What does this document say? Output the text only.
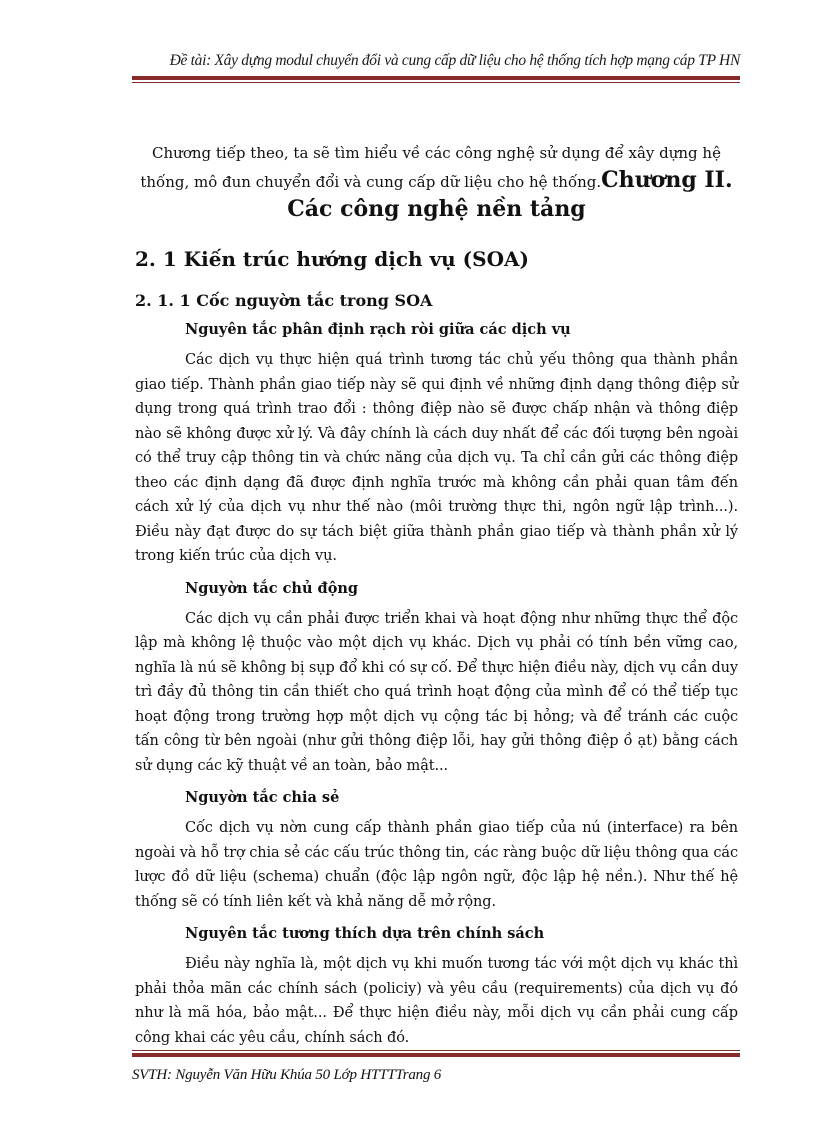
Đề tài: Xây dựng modul chuyển đổi và cung cấp dữ liệu cho hệ thống tích hợp mạng cáp TP HN

Chương tiếp theo, ta sẽ tìm hiểu về các công nghệ sử dụng để xây dựng hệ thống, mô đun chuyển đổi và cung cấp dữ liệu cho hệ thống.Chương II. Các công nghệ nền tảng

2. 1 Kiến trúc hướng dịch vụ (SOA)
2. 1. 1 Cốc nguyờn tắc trong SOA
Nguyên tắc phân định rạch ròi giữa các dịch vụ

Các dịch vụ thực hiện quá trình tương tác chủ yếu thông qua thành phần giao tiếp. Thành phần giao tiếp này sẽ qui định về những định dạng thông điệp sử dụng trong quá trình trao đổi : thông điệp nào sẽ được chấp nhận và thông điệp nào sẽ không được xử lý. Và đây chính là cách duy nhất để các đối tượng bên ngoài có thể truy cập thông tin và chức năng của dịch vụ. Ta chỉ cần gửi các thông điệp theo các định dạng đã được định nghĩa trước mà không cần phải quan tâm đến cách xử lý của dịch vụ như thế nào (môi trường thực thi, ngôn ngữ lập trình...). Điều này đạt được do sự tách biệt giữa thành phần giao tiếp và thành phần xử lý trong kiến trúc của dịch vụ.

Nguyờn tắc chủ động

Các dịch vụ cần phải được triển khai và hoạt động như những thực thể độc lập mà không lệ thuộc vào một dịch vụ khác. Dịch vụ phải có tính bền vững cao, nghĩa là nú sẽ không bị sụp đổ khi có sự cố. Để thực hiện điều này, dịch vụ cần duy trì đầy đủ thông tin cần thiết cho quá trình hoạt động của mình để có thể tiếp tục hoạt động trong trường hợp một dịch vụ cộng tác bị hỏng; và để tránh các cuộc tấn công từ bên ngoài (như gửi thông điệp lỗi, hay gửi thông điệp ồ ạt) bằng cách sử dụng các kỹ thuật về an toàn, bảo mật...

Nguyờn tắc chia sẻ

Cốc dịch vụ nờn cung cấp thành phần giao tiếp của nú (interface) ra bên ngoài và hỗ trợ chia sẻ các cấu trúc thông tin, các ràng buộc dữ liệu thông qua các lược đồ dữ liệu (schema) chuẩn (độc lập ngôn ngữ, độc lập hệ nền.). Như thế hệ thống sẽ có tính liên kết và khả năng dễ mở rộng.

Nguyên tắc tương thích dựa trên chính sách

Điều này nghĩa là, một dịch vụ khi muốn tương tác với một dịch vụ khác thì phải thỏa mãn các chính sách (policiy) và yêu cầu (requirements) của dịch vụ đó như là mã hóa, bảo mật... Để thực hiện điều này, mỗi dịch vụ cần phải cung cấp công khai các yêu cầu, chính sách đó.

SVTH: Nguyễn Văn Hữu Khúa 50 Lớp HTTTTrang 6
